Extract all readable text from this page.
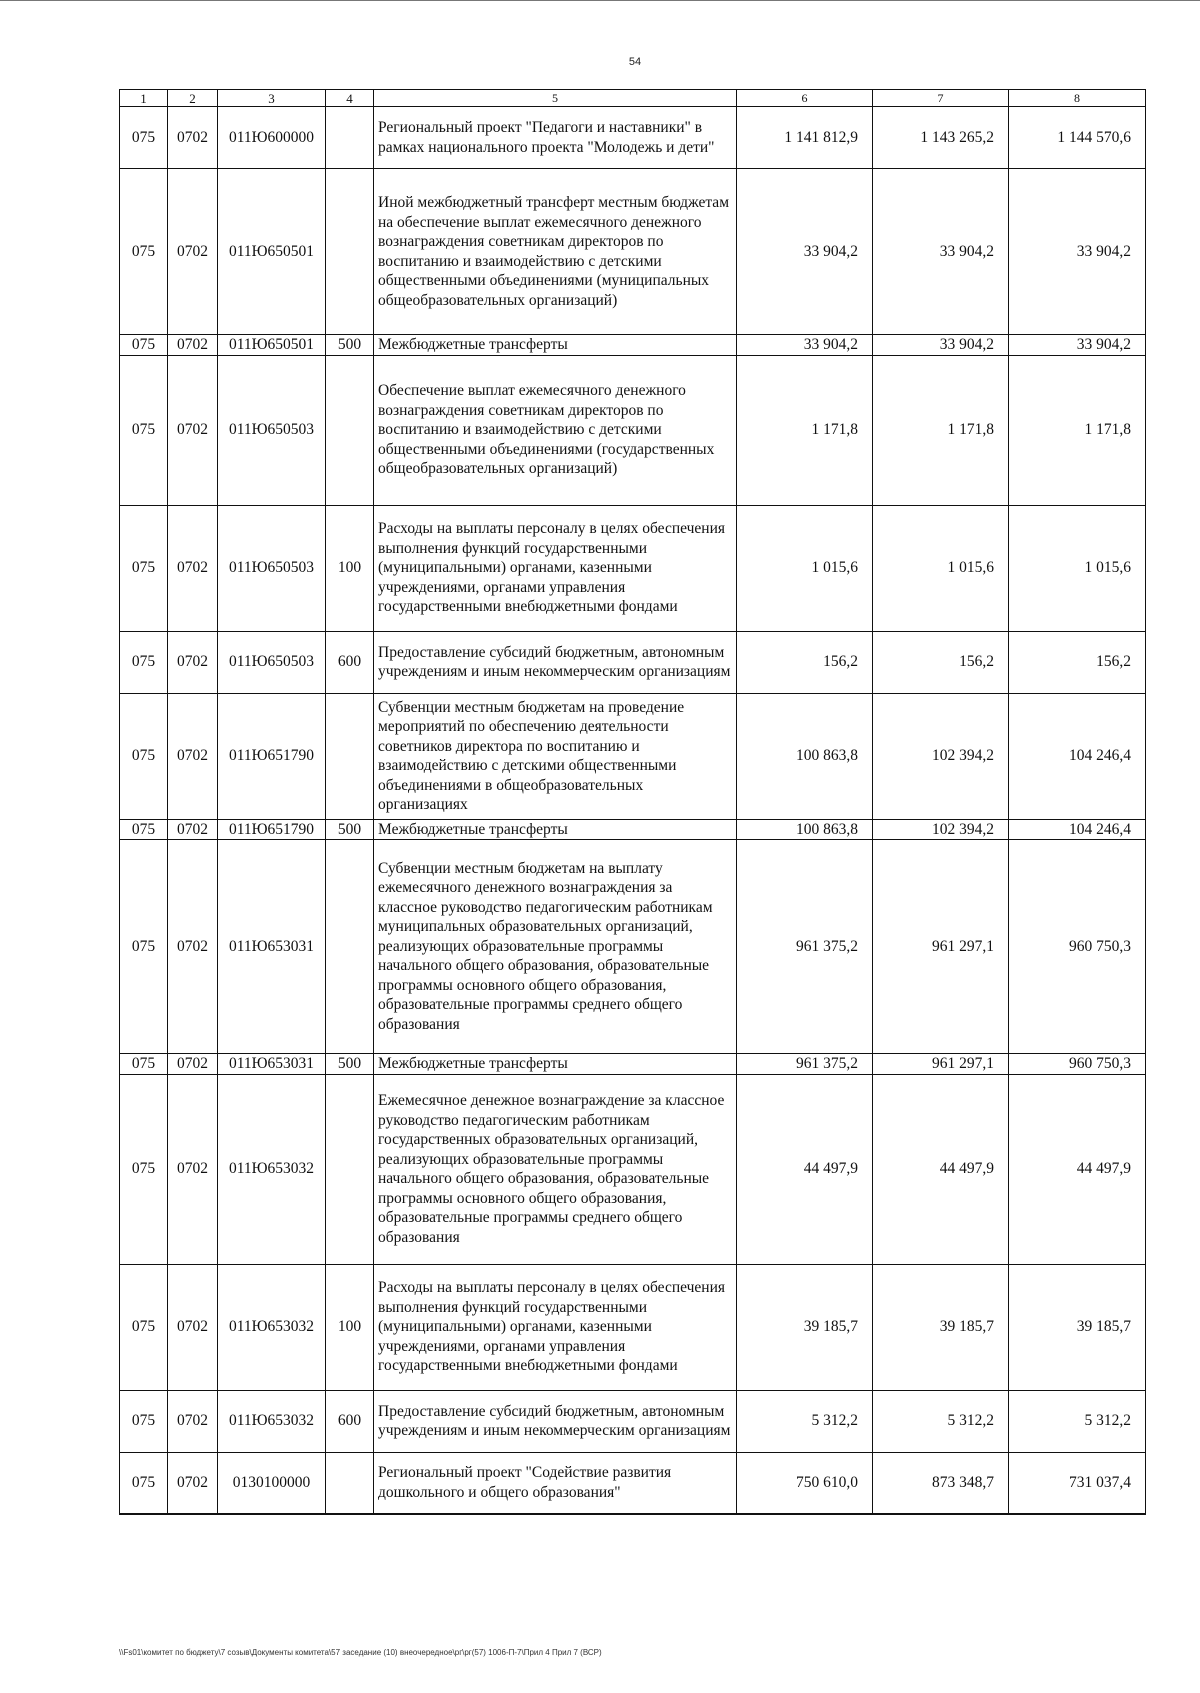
54
1	2	3	4	5	6	7	8
075	0702	011Ю600000		Региональный проект "Педагоги и наставники" в рамках национального проекта "Молодежь и дети"	1 141 812,9	1 143 265,2	1 144 570,6
075	0702	011Ю650501		Иной межбюджетный трансферт местным бюджетам на обеспечение выплат ежемесячного денежного вознаграждения советникам директоров по воспитанию и взаимодействию с детскими общественными объединениями (муниципальных общеобразовательных организаций)	33 904,2	33 904,2	33 904,2
075	0702	011Ю650501	500	Межбюджетные трансферты	33 904,2	33 904,2	33 904,2
075	0702	011Ю650503		Обеспечение выплат ежемесячного денежного вознаграждения советникам директоров по воспитанию и взаимодействию с детскими общественными объединениями (государственных общеобразовательных организаций)	1 171,8	1 171,8	1 171,8
075	0702	011Ю650503	100	Расходы на выплаты персоналу в целях обеспечения выполнения функций государственными (муниципальными) органами, казенными учреждениями, органами управления государственными внебюджетными фондами	1 015,6	1 015,6	1 015,6
075	0702	011Ю650503	600	Предоставление субсидий бюджетным, автономным учреждениям и иным некоммерческим организациям	156,2	156,2	156,2
075	0702	011Ю651790		Субвенции местным бюджетам на проведение мероприятий по обеспечению деятельности советников директора по воспитанию и взаимодействию с детскими общественными объединениями в общеобразовательных организациях	100 863,8	102 394,2	104 246,4
075	0702	011Ю651790	500	Межбюджетные трансферты	100 863,8	102 394,2	104 246,4
075	0702	011Ю653031		Субвенции местным бюджетам на выплату ежемесячного денежного вознаграждения за классное руководство педагогическим работникам муниципальных образовательных организаций, реализующих образовательные программы начального общего образования, образовательные программы основного общего образования, образовательные программы среднего общего образования	961 375,2	961 297,1	960 750,3
075	0702	011Ю653031	500	Межбюджетные трансферты	961 375,2	961 297,1	960 750,3
075	0702	011Ю653032		Ежемесячное денежное вознаграждение за классное руководство педагогическим работникам государственных образовательных организаций, реализующих образовательные программы начального общего образования, образовательные программы основного общего образования, образовательные программы среднего общего образования	44 497,9	44 497,9	44 497,9
075	0702	011Ю653032	100	Расходы на выплаты персоналу в целях обеспечения выполнения функций государственными (муниципальными) органами, казенными учреждениями, органами управления государственными внебюджетными фондами	39 185,7	39 185,7	39 185,7
075	0702	011Ю653032	600	Предоставление субсидий бюджетным, автономным учреждениям и иным некоммерческим организациям	5 312,2	5 312,2	5 312,2
075	0702	0130100000		Региональный проект "Содействие развития дошкольного и общего образования"	750 610,0	873 348,7	731 037,4
\\Fs01\комитет по бюджету\7 созыв\Документы комитета\57 заседание (10) внеочередное\рг\рг(57) 1006-П-7\Прил 4 Прил 7 (ВСР)
